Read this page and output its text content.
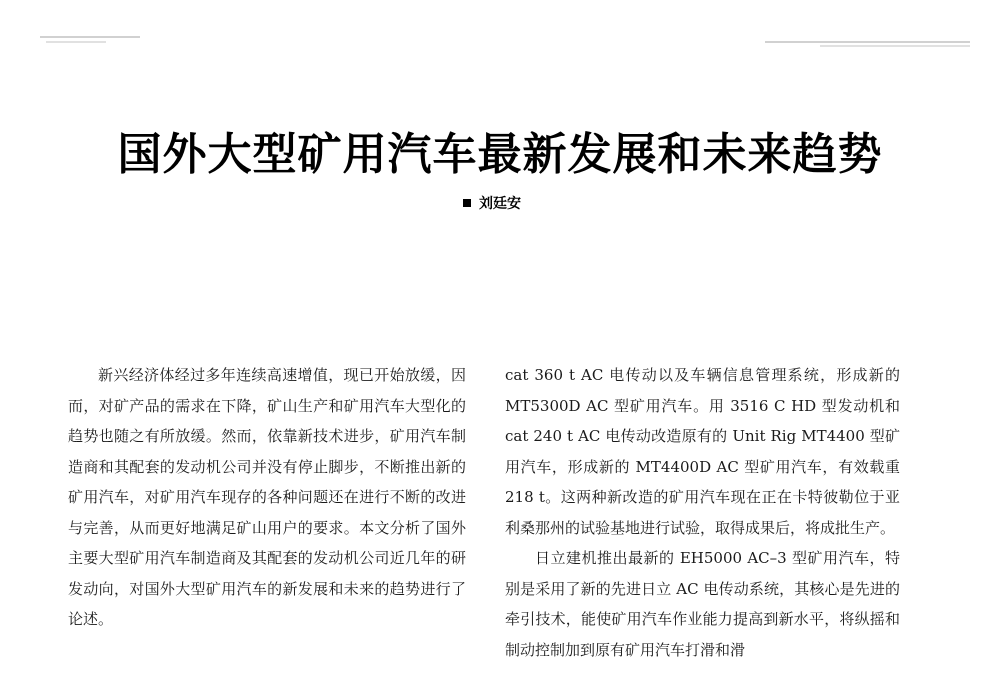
国外大型矿用汽车最新发展和未来趋势
刘廷安

新兴经济体经过多年连续高速增值，现已开始放缓，因而，对矿产品的需求在下降，矿山生产和矿用汽车大型化的趋势也随之有所放缓。然而，依靠新技术进步，矿用汽车制造商和其配套的发动机公司并没有停止脚步，不断推出新的矿用汽车，对矿用汽车现存的各种问题还在进行不断的改进与完善，从而更好地满足矿山用户的要求。本文分析了国外主要大型矿用汽车制造商及其配套的发动机公司近几年的研发动向，对国外大型矿用汽车的新发展和未来的趋势进行了论述。

cat 360 t AC 电传动以及车辆信息管理系统，形成新的 MT5300D AC 型矿用汽车。用 3516 C HD 型发动机和 cat 240 t AC 电传动改造原有的 Unit Rig MT4400 型矿用汽车，形成新的 MT4400D AC 型矿用汽车，有效载重 218 t。这两种新改造的矿用汽车现在正在卡特彼勒位于亚利桑那州的试验基地进行试验，取得成果后，将成批生产。

日立建机推出最新的 EH5000 AC–3 型矿用汽车，特别是采用了新的先进日立 AC 电传动系统，其核心是先进的牵引技术，能使矿用汽车作业能力提高到新水平，将纵摇和制动控制加到原有矿用汽车打滑和滑
